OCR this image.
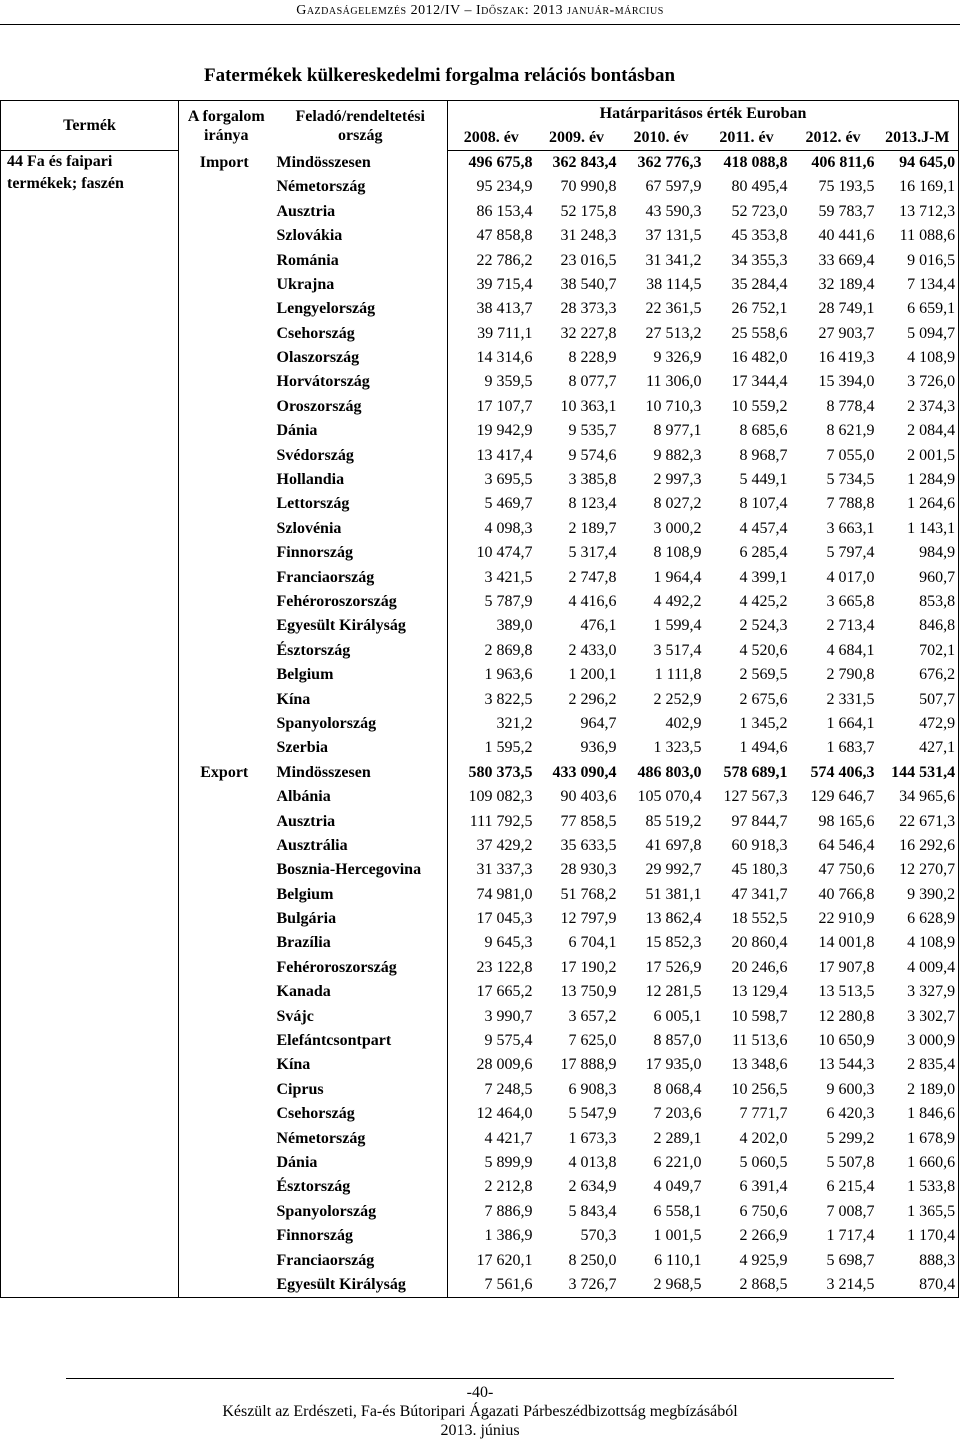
Gazdaságelemzés 2012/IV – Időszak: 2013 január-március
Fatermékek külkereskedelmi forgalma relációs bontásban
Termék	A forgalom iránya	Feladó/rendeltetési ország	Határparitásos érték Euroban					
			2008. év	2009. év	2010. év	2011. év	2012. év	2013.J-M
44 Fa és faipari termékek; faszén	Import	Mindösszesen	496 675,8	362 843,4	362 776,3	418 088,8	406 811,6	94 645,0
		Németország	95 234,9	70 990,8	67 597,9	80 495,4	75 193,5	16 169,1
		Ausztria	86 153,4	52 175,8	43 590,3	52 723,0	59 783,7	13 712,3
		Szlovákia	47 858,8	31 248,3	37 131,5	45 353,8	40 441,6	11 088,6
		Románia	22 786,2	23 016,5	31 341,2	34 355,3	33 669,4	9 016,5
		Ukrajna	39 715,4	38 540,7	38 114,5	35 284,4	32 189,4	7 134,4
		Lengyelország	38 413,7	28 373,3	22 361,5	26 752,1	28 749,1	6 659,1
		Csehország	39 711,1	32 227,8	27 513,2	25 558,6	27 903,7	5 094,7
		Olaszország	14 314,6	8 228,9	9 326,9	16 482,0	16 419,3	4 108,9
		Horvátország	9 359,5	8 077,7	11 306,0	17 344,4	15 394,0	3 726,0
		Oroszország	17 107,7	10 363,1	10 710,3	10 559,2	8 778,4	2 374,3
		Dánia	19 942,9	9 535,7	8 977,1	8 685,6	8 621,9	2 084,4
		Svédország	13 417,4	9 574,6	9 882,3	8 968,7	7 055,0	2 001,5
		Hollandia	3 695,5	3 385,8	2 997,3	5 449,1	5 734,5	1 284,9
		Lettország	5 469,7	8 123,4	8 027,2	8 107,4	7 788,8	1 264,6
		Szlovénia	4 098,3	2 189,7	3 000,2	4 457,4	3 663,1	1 143,1
		Finnország	10 474,7	5 317,4	8 108,9	6 285,4	5 797,4	984,9
		Franciaország	3 421,5	2 747,8	1 964,4	4 399,1	4 017,0	960,7
		Fehéroroszország	5 787,9	4 416,6	4 492,2	4 425,2	3 665,8	853,8
		Egyesült Királyság	389,0	476,1	1 599,4	2 524,3	2 713,4	846,8
		Észtország	2 869,8	2 433,0	3 517,4	4 520,6	4 684,1	702,1
		Belgium	1 963,6	1 200,1	1 111,8	2 569,5	2 790,8	676,2
		Kína	3 822,5	2 296,2	2 252,9	2 675,6	2 331,5	507,7
		Spanyolország	321,2	964,7	402,9	1 345,2	1 664,1	472,9
		Szerbia	1 595,2	936,9	1 323,5	1 494,6	1 683,7	427,1
	Export	Mindösszesen	580 373,5	433 090,4	486 803,0	578 689,1	574 406,3	144 531,4
		Albánia	109 082,3	90 403,6	105 070,4	127 567,3	129 646,7	34 965,6
		Ausztria	111 792,5	77 858,5	85 519,2	97 844,7	98 165,6	22 671,3
		Ausztrália	37 429,2	35 633,5	41 697,8	60 918,3	64 546,4	16 292,6
		Bosznia-Hercegovina	31 337,3	28 930,3	29 992,7	45 180,3	47 750,6	12 270,7
		Belgium	74 981,0	51 768,2	51 381,1	47 341,7	40 766,8	9 390,2
		Bulgária	17 045,3	12 797,9	13 862,4	18 552,5	22 910,9	6 628,9
		Brazília	9 645,3	6 704,1	15 852,3	20 860,4	14 001,8	4 108,9
		Fehéroroszország	23 122,8	17 190,2	17 526,9	20 246,6	17 907,8	4 009,4
		Kanada	17 665,2	13 750,9	12 281,5	13 129,4	13 513,5	3 327,9
		Svájc	3 990,7	3 657,2	6 005,1	10 598,7	12 280,8	3 302,7
		Elefántcsontpart	9 575,4	7 625,0	8 857,0	11 513,6	10 650,9	3 000,9
		Kína	28 009,6	17 888,9	17 935,0	13 348,6	13 544,3	2 835,4
		Ciprus	7 248,5	6 908,3	8 068,4	10 256,5	9 600,3	2 189,0
		Csehország	12 464,0	5 547,9	7 203,6	7 771,7	6 420,3	1 846,6
		Németország	4 421,7	1 673,3	2 289,1	4 202,0	5 299,2	1 678,9
		Dánia	5 899,9	4 013,8	6 221,0	5 060,5	5 507,8	1 660,6
		Észtország	2 212,8	2 634,9	4 049,7	6 391,4	6 215,4	1 533,8
		Spanyolország	7 886,9	5 843,4	6 558,1	6 750,6	7 008,7	1 365,5
		Finnország	1 386,9	570,3	1 001,5	2 266,9	1 717,4	1 170,4
		Franciaország	17 620,1	8 250,0	6 110,1	4 925,9	5 698,7	888,3
		Egyesült Királyság	7 561,6	3 726,7	2 968,5	2 868,5	3 214,5	870,4
-40-
Készült az Erdészeti, Fa-és Bútoripari Ágazati Párbeszédbizottság megbízásából
2013. június
